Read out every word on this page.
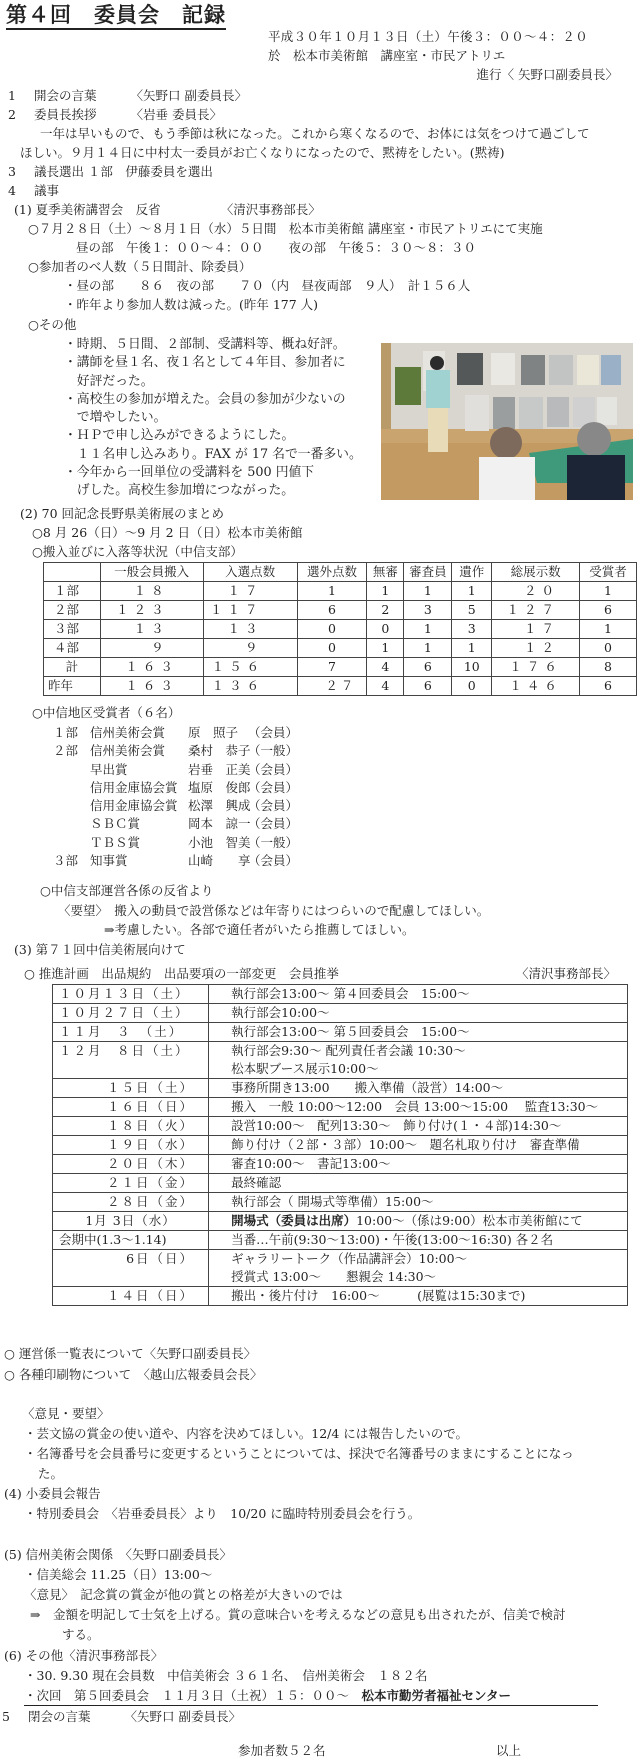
第４回 委員会 記録
平成３０年１０月１３日（土）午後３：００～４：２０
於　松本市美術館　講座室・市民アトリエ
進行〈 矢野口副委員長〉
1 開会の言葉	〈矢野口 副委員長〉
2 委員長挨拶	〈岩垂 委員長〉
一年は早いもので、もう季節は秋になった。これから寒くなるので、お体には気をつけて過ごして
ほしい。９月１４日に中村太一委員がお亡くなりになったので、黙祷をしたい。(黙祷)
3 議長選出 １部　伊藤委員を選出
4 議事
(1) 夏季美術講習会　反省	〈清沢事務部長〉
○７月２８日（土）～８月１日（水）５日間　松本市美術館 講座室・市民アトリエにて実施
昼の部　午後１：００～４：００　　夜の部　午後５：３０～８：３０
○参加者のべ人数（５日間計、除委員）
・昼の部　　８６　夜の部　　７０（内　昼夜両部　９人）　計１５６人
・昨年より参加人数は減った。(昨年 177 人)
○その他
・時期、５日間、２部制、受講料等、概ね好評。
・講師を昼１名、夜１名として４年目、参加者に
　好評だった。
・高校生の参加が増えた。会員の参加が少ないの
　で増やしたい。
・ＨＰで申し込みができるようにした。
　１１名申し込みあり。FAX が 17 名で一番多い。
・今年から一回単位の受講料を 500 円値下
　げした。高校生参加増につながった。
(2) 70 回記念長野県美術展のまとめ
○8 月 26（日）～9 月 2 日（日）松本市美術館
○搬入並びに入落等状況（中信支部）
	一般会員搬入	入選点数	選外点数	無審	審査員	遺作	総展示数	受賞者
１部	１８	１７	1	1	1	1	２０	1
２部	１２３	１１７	6	2	3	5	１２７	6
３部	１３	１３	0	0	1	3	１７	1
４部	９	９	0	1	1	1	１２	0
計	１６３	１５６	7	4	6	10	１７６	8
昨年	１６３	１３６	２７	4	6	0	１４６	6
○中信地区受賞者（６名）
１部 信州美術会賞 原　照子 （会員）
２部 信州美術会賞 桑村　恭子（一般）
早出賞	岩垂　正美（会員）
信用金庫協会賞 塩原　俊郎（会員）
信用金庫協会賞 松澤　興成（会員）
ＳＢＣ賞	岡本　諒一（会員）
ＴＢＳ賞	小池　智美（一般）
３部 知事賞	山崎　　享（会員）
○中信支部運営各係の反省より
〈要望〉　搬入の動員で設営係などは年寄りにはつらいので配慮してほしい。
⇒考慮したい。各部で適任者がいたら推薦してほしい。
(3) 第７１回中信美術展向けて
○ 推進計画　出品規約　出品要項の一部変更　会員推挙	〈清沢事務部長〉
１０月１３日（土）	執行部会13:00～ 第４回委員会　15:00～
１０月２７日（土）	執行部会10:00～
１１月　３　（土）	執行部会13:00～ 第５回委員会　15:00～
１２月　８日（土）	執行部会9:30～ 配列責任者会議 10:30～
松本駅ブース展示10:00～

１５日（土）	事務所開き13:00　　搬入準備（設営）14:00～
１６日（日）	搬入　一般 10:00～12:00　会員 13:00～15:00　 監査13:30～
１８日（火）	設営10:00～　配列13:30～　飾り付け(１・４部)14:30～
１９日（水）	飾り付け（２部・３部）10:00～　題名札取り付け　審査準備
２０日（木）	審査10:00～　書記13:00～
２１日（金）	最終確認
２８日（金）	執行部会（ 開場式等準備）15:00～
1月 3日（水）	開場式（委員は出席）10:00～（係は9:00）松本市美術館にて
会期中(1.3～1.14)	当番…午前(9:30～13:00)・午後(13:00～16:30) 各２名
6日（日）	ギャラリートーク（作品講評会）10:00～
授賞式 13:00～　　懇親会 14:30～

１４日（日）	搬出・後片付け　16:00～　　　(展覧は15:30まで)
○ 運営係一覧表について〈矢野口副委員長〉
○ 各種印刷物について　〈越山広報委員会長〉
〈意見・要望〉
・芸文協の賞金の使い道や、内容を決めてほしい。12/4 には報告したいので。
・名簿番号を会員番号に変更するということについては、採決で名簿番号のままにすることになっ
た。
(4) 小委員会報告
・特別委員会　〈岩垂委員長〉より　10/20 に臨時特別委員会を行う。
(5) 信州美術会関係　〈矢野口副委員長〉
・信美総会 11.25（日）13:00～
〈意見〉　記念賞の賞金が他の賞との格差が大きいのでは
⇒　金額を明記して士気を上げる。賞の意味合いを考えるなどの意見も出されたが、信美で検討
する。
(6) その他〈清沢事務部長〉
・30. 9.30 現在会員数　中信美術会 ３６１名、　信州美術会　１８２名
・次回　第５回委員会　１１月３日（土祝）１５：００～　松本市勤労者福祉センター
5 閉会の言葉	〈矢野口 副委員長〉
参加者数５２名	以上
